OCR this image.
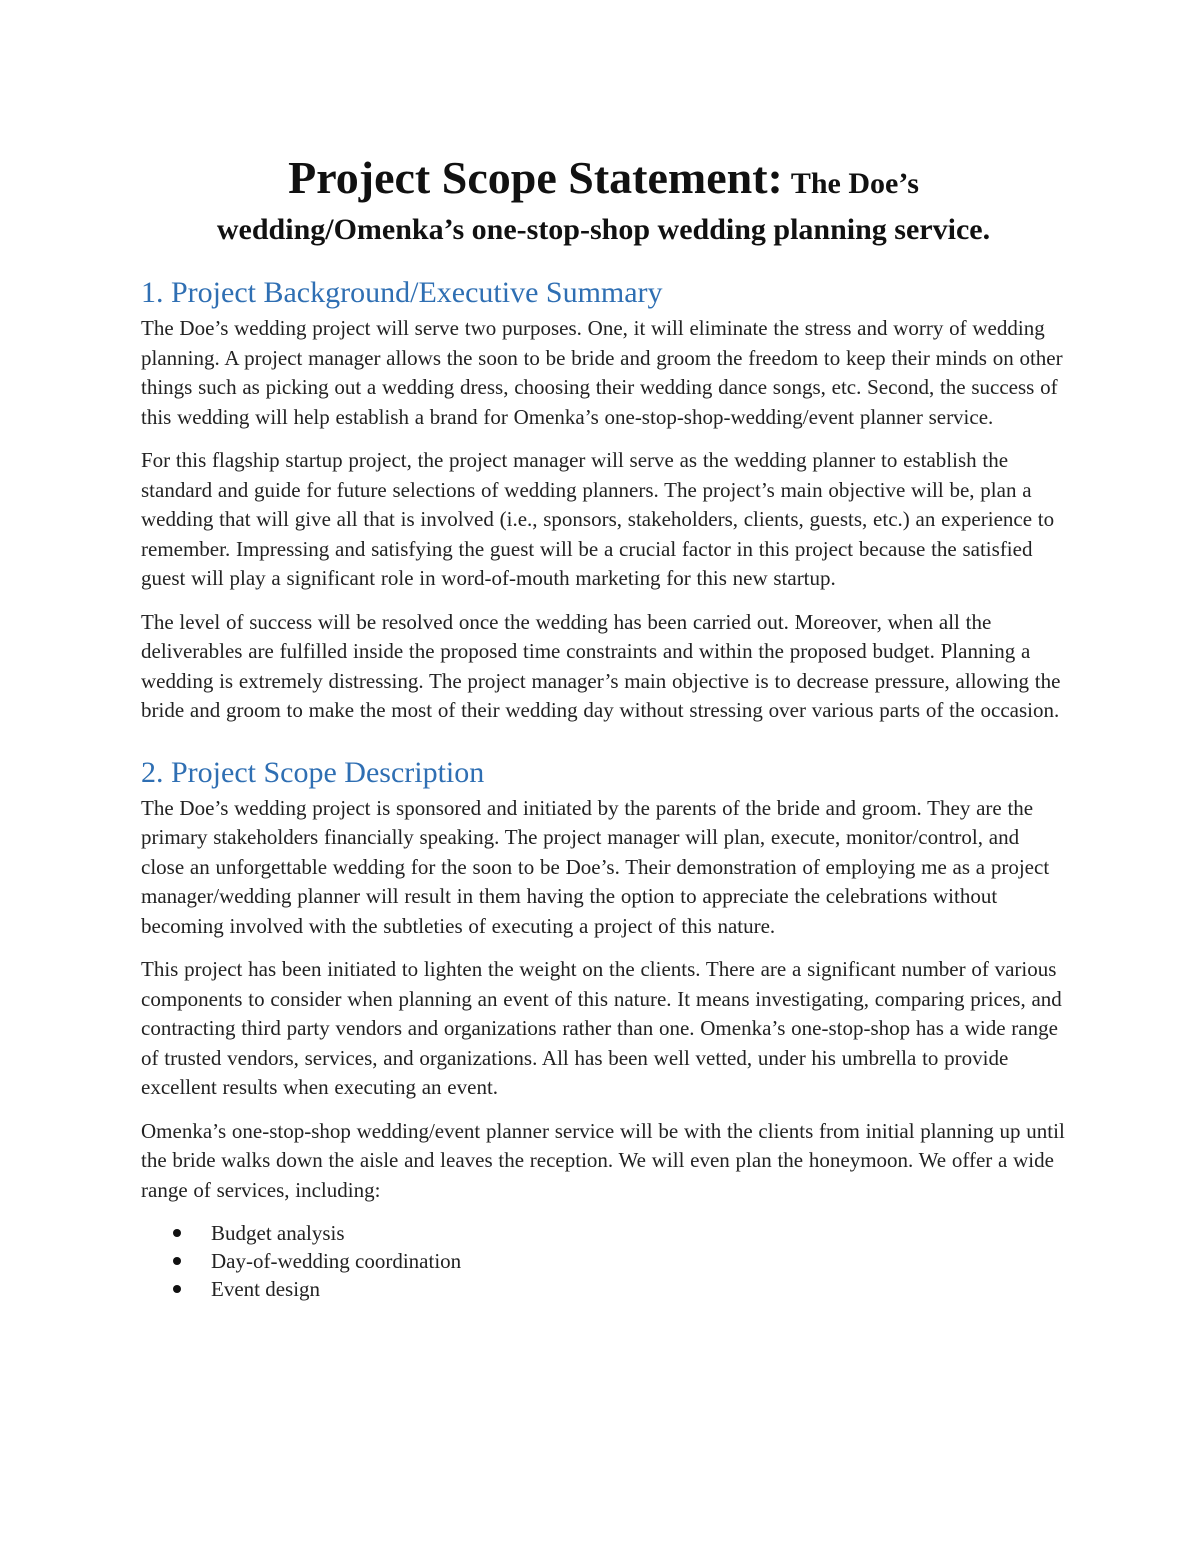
Project Scope Statement: The Doe’s
wedding/Omenka’s one-stop-shop wedding planning service.
1. Project Background/Executive Summary

The Doe’s wedding project will serve two purposes. One, it will eliminate the stress and worry of wedding planning. A project manager allows the soon to be bride and groom the freedom to keep their minds on other things such as picking out a wedding dress, choosing their wedding dance songs, etc. Second, the success of this wedding will help establish a brand for Omenka’s one-stop-shop-wedding/event planner service.

For this flagship startup project, the project manager will serve as the wedding planner to establish the standard and guide for future selections of wedding planners. The project’s main objective will be, plan a wedding that will give all that is involved (i.e., sponsors, stakeholders, clients, guests, etc.) an experience to remember. Impressing and satisfying the guest will be a crucial factor in this project because the satisfied guest will play a significant role in word-of-mouth marketing for this new startup.

The level of success will be resolved once the wedding has been carried out. Moreover, when all the deliverables are fulfilled inside the proposed time constraints and within the proposed budget. Planning a wedding is extremely distressing. The project manager’s main objective is to decrease pressure, allowing the bride and groom to make the most of their wedding day without stressing over various parts of the occasion.

2. Project Scope Description

The Doe’s wedding project is sponsored and initiated by the parents of the bride and groom. They are the primary stakeholders financially speaking. The project manager will plan, execute, monitor/control, and close an unforgettable wedding for the soon to be Doe’s. Their demonstration of employing me as a project manager/wedding planner will result in them having the option to appreciate the celebrations without becoming involved with the subtleties of executing a project of this nature.

This project has been initiated to lighten the weight on the clients. There are a significant number of various components to consider when planning an event of this nature. It means investigating, comparing prices, and contracting third party vendors and organizations rather than one. Omenka’s one-stop-shop has a wide range of trusted vendors, services, and organizations. All has been well vetted, under his umbrella to provide excellent results when executing an event.

Omenka’s one-stop-shop wedding/event planner service will be with the clients from initial planning up until the bride walks down the aisle and leaves the reception. We will even plan the honeymoon. We offer a wide range of services, including:

Budget analysis
Day-of-wedding coordination
Event design
